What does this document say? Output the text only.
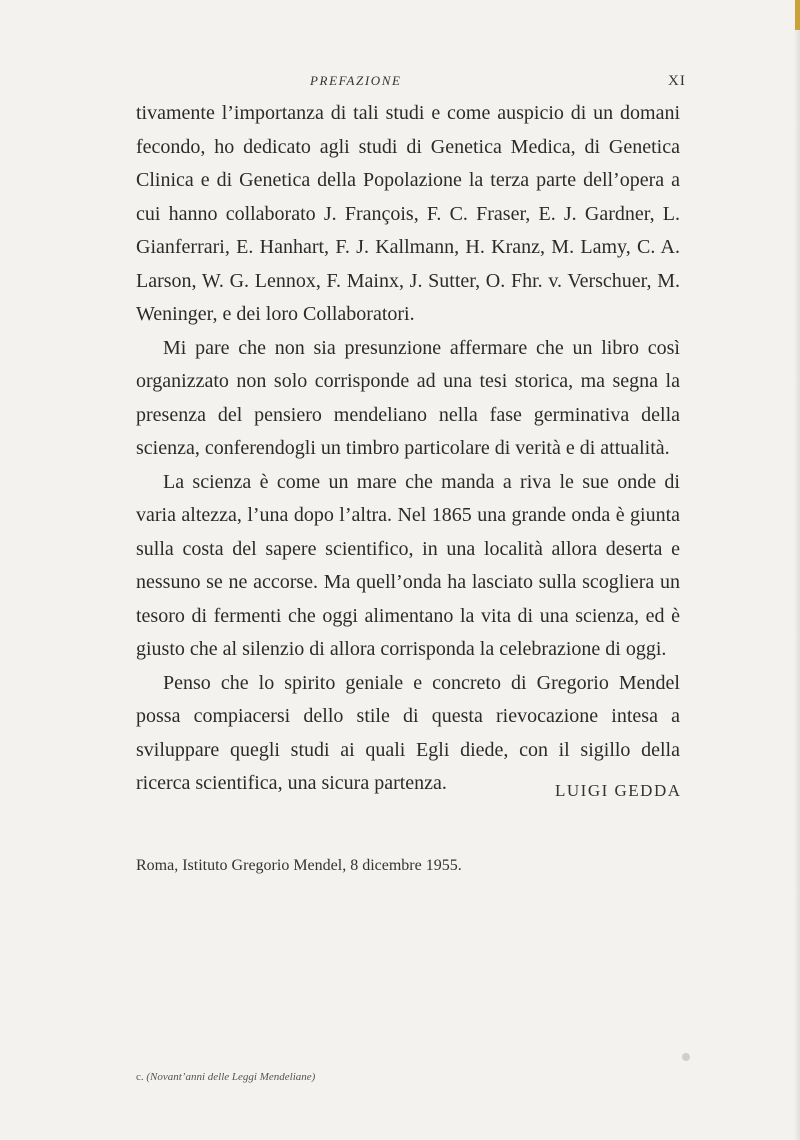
PREFAZIONE	XI

tivamente l’importanza di tali studi e come auspicio di un domani fecondo, ho dedicato agli studi di Genetica Medica, di Genetica Clinica e di Genetica della Popolazione la terza parte dell’opera a cui hanno collaborato J. François, F. C. Fraser, E. J. Gardner, L. Gianferrari, E. Hanhart, F. J. Kallmann, H. Kranz, M. Lamy, C. A. Larson, W. G. Lennox, F. Mainx, J. Sutter, O. Fhr. v. Verschuer, M. Weninger, e dei loro Collaboratori.

Mi pare che non sia presunzione affermare che un libro così organizzato non solo corrisponde ad una tesi storica, ma segna la presenza del pensiero mendeliano nella fase germinativa della scienza, conferendogli un timbro particolare di verità e di attualità.

La scienza è come un mare che manda a riva le sue onde di varia altezza, l’una dopo l’altra. Nel 1865 una grande onda è giunta sulla costa del sapere scientifico, in una località allora deserta e nessuno se ne accorse. Ma quell’onda ha lasciato sulla scogliera un tesoro di fermenti che oggi alimentano la vita di una scienza, ed è giusto che al silenzio di allora corrisponda la celebrazione di oggi.

Penso che lo spirito geniale e concreto di Gregorio Mendel possa compiacersi dello stile di questa rievocazione intesa a sviluppare quegli studi ai quali Egli diede, con il sigillo della ricerca scientifica, una sicura partenza.	LUIGI GEDDA
Roma, Istituto Gregorio Mendel, 8 dicembre 1955.
c. (Novant’anni delle Leggi Mendeliane)
